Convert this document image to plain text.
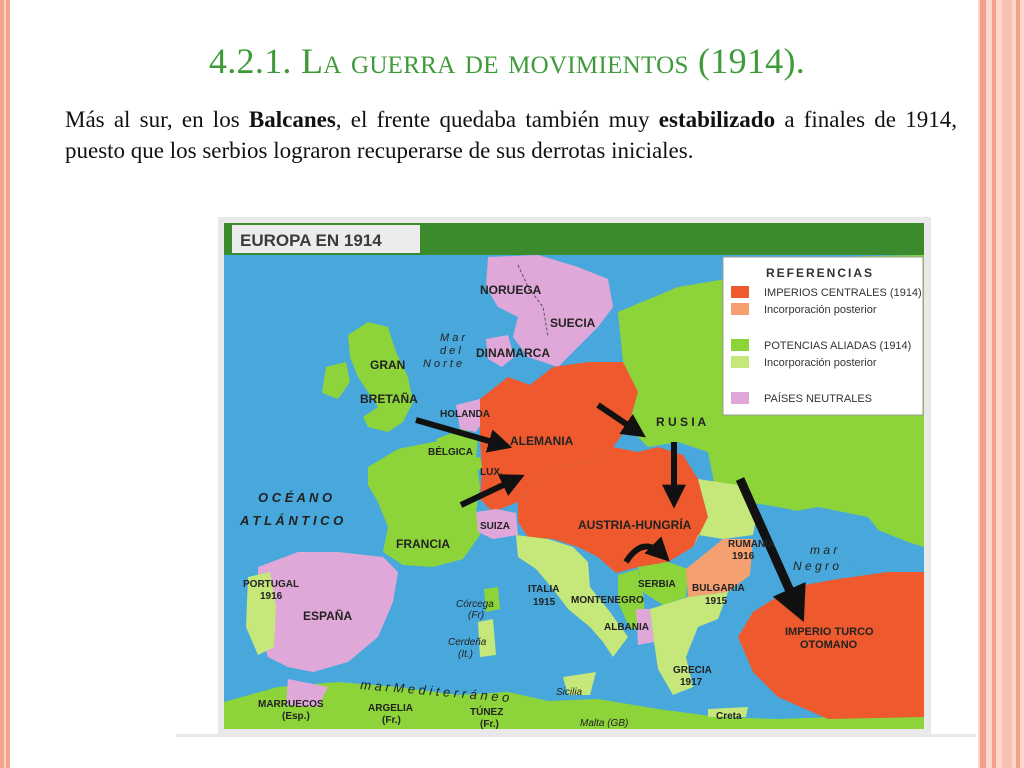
4.2.1. La guerra de movimientos (1914).
Más al sur, en los Balcanes, el frente quedaba también muy estabilizado a finales de 1914, puesto que los serbios lograron recuperarse de sus derrotas iniciales.
EUROPA EN 1914
REFERENCIAS
IMPERIOS CENTRALES (1914)
Incorporación posterior
POTENCIAS ALIADAS (1914)
Incorporación posterior
PAÍSES NEUTRALES
NORUEGA
SUECIA
DINAMARCA
M a r
d e l
N o r t e
GRAN
BRETAÑA
HOLANDA
ALEMANIA
BÉLGICA
LUX.
R U S I A
O C É A N O
A T L Á N T I C O
FRANCIA
SUIZA	AUSTRIA-HUNGRÍA
RUMANÍA
1916	m a r
N e g r o
PORTUGAL
1916
ESPAÑA
ITALIA
1915
SERBIA
MONTENEGRO
BULGARIA
1915
Córcega
(Fr)
ALBANIA	IMPERIO TURCO
OTOMANO
Cerdeña
(It.)
GRECIA
1917
m a r M e d i t e r r á n e o
MARRUECOS
(Esp.)
ARGELIA
(Fr.)
TÚNEZ
(Fr.)
Sicilia
Malta (GB)
Creta
